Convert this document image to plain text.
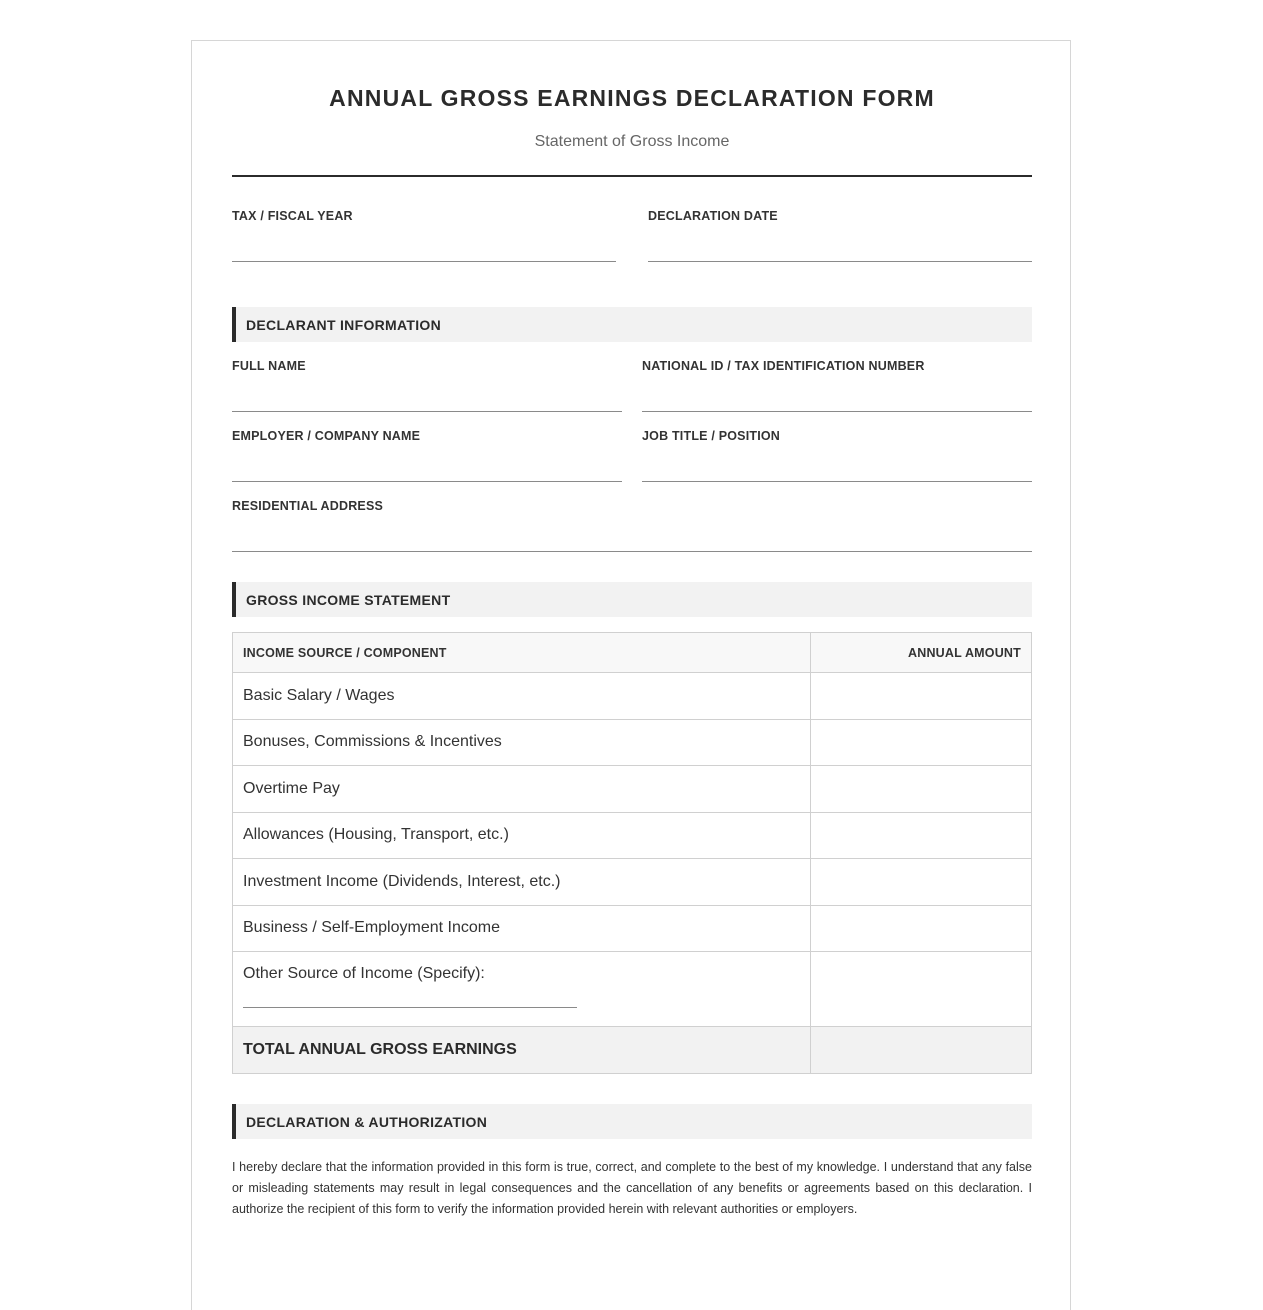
ANNUAL GROSS EARNINGS DECLARATION FORM
Statement of Gross Income
TAX / FISCAL YEAR	DECLARATION DATE
DECLARANT INFORMATION
FULL NAME	NATIONAL ID / TAX IDENTIFICATION NUMBER
EMPLOYER / COMPANY NAME	JOB TITLE / POSITION
RESIDENTIAL ADDRESS
GROSS INCOME STATEMENT
INCOME SOURCE / COMPONENT	ANNUAL AMOUNT
Basic Salary / Wages	
Bonuses, Commissions & Incentives	
Overtime Pay	
Allowances (Housing, Transport, etc.)	
Investment Income (Dividends, Interest, etc.)	
Business / Self-Employment Income	

Other Source of Income (Specify):	

TOTAL ANNUAL GROSS EARNINGS	
DECLARATION & AUTHORIZATION
I hereby declare that the information provided in this form is true, correct, and complete to the best of my knowledge. I understand that any false or misleading statements may result in legal consequences and the cancellation of any benefits or agreements based on this declaration. I authorize the recipient of this form to verify the information provided herein with relevant authorities or employers.
